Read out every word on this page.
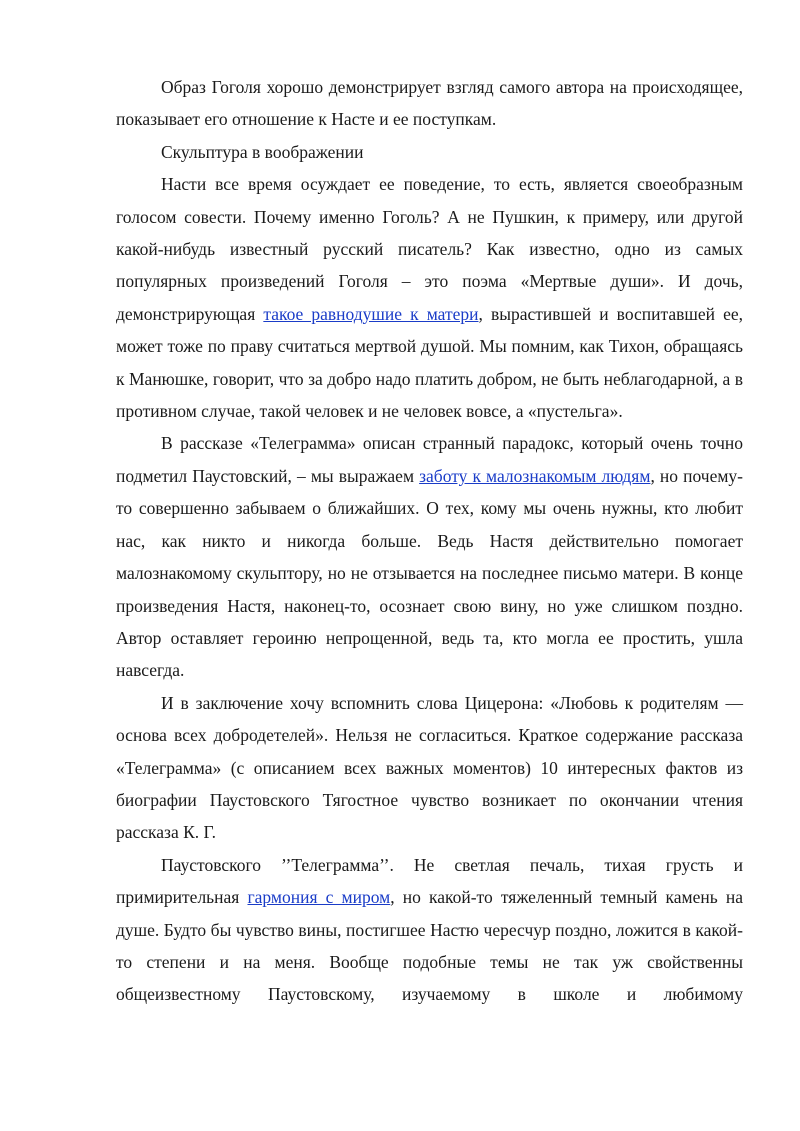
Образ Гоголя хорошо демонстрирует взгляд самого автора на происходящее, показывает его отношение к Насте и ее поступкам.

Скульптура в воображении

Насти все время осуждает ее поведение, то есть, является своеобразным голосом совести. Почему именно Гоголь? А не Пушкин, к примеру, или другой какой-нибудь известный русский писатель? Как известно, одно из самых популярных произведений Гоголя – это поэма «Мертвые души». И дочь, демонстрирующая такое равнодушие к матери, вырастившей и воспитавшей ее, может тоже по праву считаться мертвой душой. Мы помним, как Тихон, обращаясь к Манюшке, говорит, что за добро надо платить добром, не быть неблагодарной, а в противном случае, такой человек и не человек вовсе, а «пустельга».

В рассказе «Телеграмма» описан странный парадокс, который очень точно подметил Паустовский, – мы выражаем заботу к малознакомым людям, но почему-то совершенно забываем о ближайших. О тех, кому мы очень нужны, кто любит нас, как никто и никогда больше. Ведь Настя действительно помогает малознакомому скульптору, но не отзывается на последнее письмо матери. В конце произведения Настя, наконец-то, осознает свою вину, но уже слишком поздно. Автор оставляет героиню непрощенной, ведь та, кто могла ее простить, ушла навсегда.

И в заключение хочу вспомнить слова Цицерона: «Любовь к родителям — основа всех добродетелей». Нельзя не согласиться. Краткое содержание рассказа «Телеграмма» (с описанием всех важных моментов) 10 интересных фактов из биографии Паустовского Тягостное чувство возникает по окончании чтения рассказа К. Г.

Паустовского ’’Телеграмма’’. Не светлая печаль, тихая грусть и примирительная гармония с миром, но какой-то тяжеленный темный камень на душе. Будто бы чувство вины, постигшее Настю чересчур поздно, ложится в какой-то степени и на меня. Вообще подобные темы не так уж свойственны общеизвестному Паустовскому, изучаемому в школе и любимому
